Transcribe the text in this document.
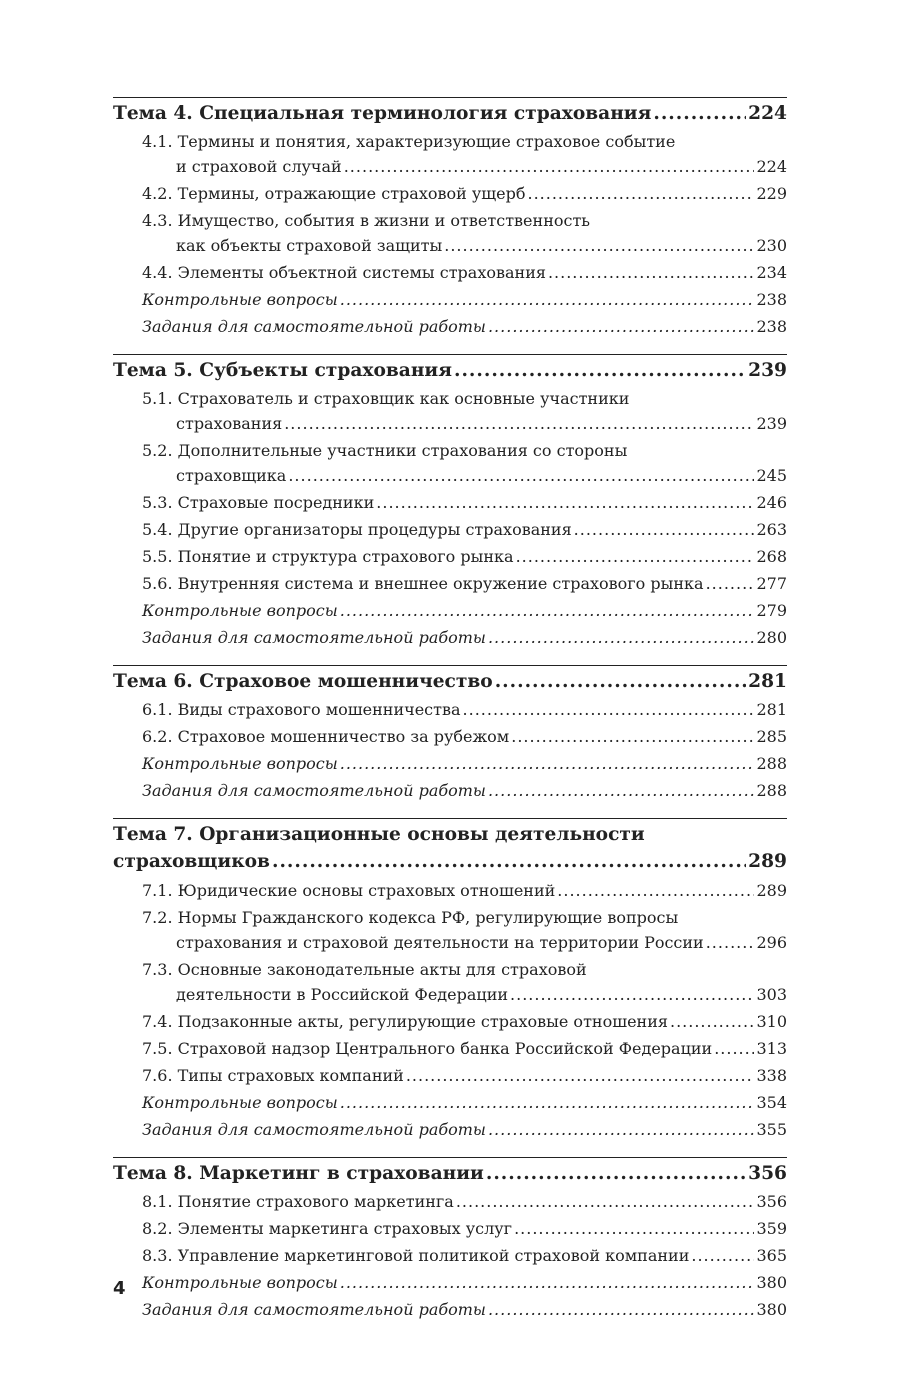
Тема 4. Специальная терминология страхования .....	224
4.1. Термины и понятия, характеризующие страховое событие
и страховой случай .....	224
4.2. Термины, отражающие страховой ущерб .....	229
4.3. Имущество, события в жизни и ответственность
как объекты страховой защиты .....	230
4.4. Элементы объектной системы страхования .....	234
Контрольные вопросы .....	238
Задания для самостоятельной работы .....	238
Тема 5. Субъекты страхования .....	239
5.1. Страхователь и страховщик как основные участники
страхования .....	239
5.2. Дополнительные участники страхования со стороны
страховщика .....	245
5.3. Страховые посредники .....	246
5.4. Другие организаторы процедуры страхования .....	263
5.5. Понятие и структура страхового рынка .....	268
5.6. Внутренняя система и внешнее окружение страхового рынка .....	277
Контрольные вопросы .....	279
Задания для самостоятельной работы .....	280
Тема 6. Страховое мошенничество .....	281
6.1. Виды страхового мошенничества .....	281
6.2. Страховое мошенничество за рубежом .....	285
Контрольные вопросы .....	288
Задания для самостоятельной работы .....	288
Тема 7. Организационные основы деятельности
страховщиков .....	289
7.1. Юридические основы страховых отношений .....	289
7.2. Нормы Гражданского кодекса РФ, регулирующие вопросы
страхования и страховой деятельности на территории России .....	296
7.3. Основные законодательные акты для страховой
деятельности в Российской Федерации .....	303
7.4. Подзаконные акты, регулирующие страховые отношения .....	310
7.5. Страховой надзор Центрального банка Российской Федерации .....	313
7.6. Типы страховых компаний .....	338
Контрольные вопросы .....	354
Задания для самостоятельной работы .....	355
Тема 8. Маркетинг в страховании .....	356
8.1. Понятие страхового маркетинга .....	356
8.2. Элементы маркетинга страховых услуг .....	359
8.3. Управление маркетинговой политикой страховой компании .....	365
Контрольные вопросы .....	380
Задания для самостоятельной работы .....	380
4
